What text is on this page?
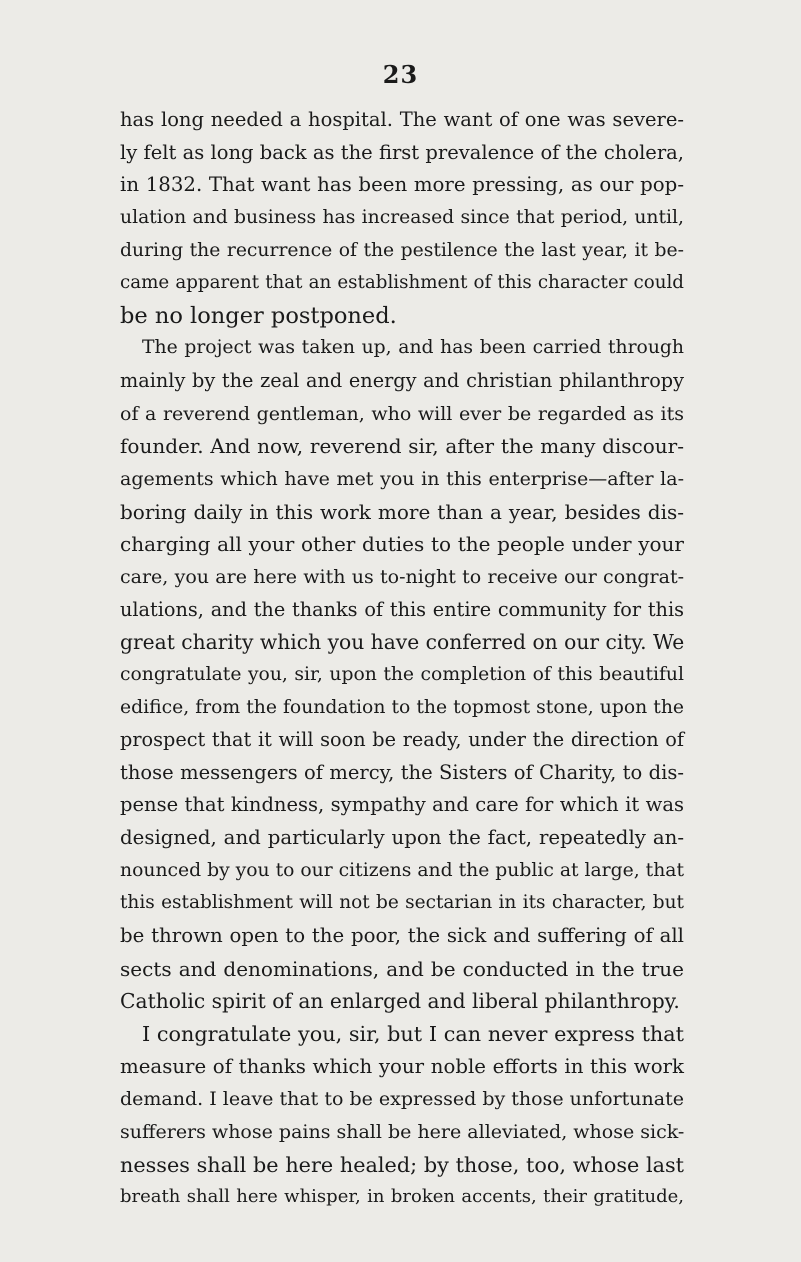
23
has long needed a hospital. The want of one was severe-
ly felt as long back as the first prevalence of the cholera,
in 1832. That want has been more pressing, as our pop-
ulation and business has increased since that period, until,
during the recurrence of the pestilence the last year, it be-
came apparent that an establishment of this character could
be no longer postponed.
The project was taken up, and has been carried through
mainly by the zeal and energy and christian philanthropy
of a reverend gentleman, who will ever be regarded as its
founder. And now, reverend sir, after the many discour-
agements which have met you in this enterprise—after la-
boring daily in this work more than a year, besides dis-
charging all your other duties to the people under your
care, you are here with us to-night to receive our congrat-
ulations, and the thanks of this entire community for this
great charity which you have conferred on our city. We
congratulate you, sir, upon the completion of this beautiful
edifice, from the foundation to the topmost stone, upon the
prospect that it will soon be ready, under the direction of
those messengers of mercy, the Sisters of Charity, to dis-
pense that kindness, sympathy and care for which it was
designed, and particularly upon the fact, repeatedly an-
nounced by you to our citizens and the public at large, that
this establishment will not be sectarian in its character, but
be thrown open to the poor, the sick and suffering of all
sects and denominations, and be conducted in the true
Catholic spirit of an enlarged and liberal philanthropy.
I congratulate you, sir, but I can never express that
measure of thanks which your noble efforts in this work
demand. I leave that to be expressed by those unfortunate
sufferers whose pains shall be here alleviated, whose sick-
nesses shall be here healed; by those, too, whose last
breath shall here whisper, in broken accents, their gratitude,
